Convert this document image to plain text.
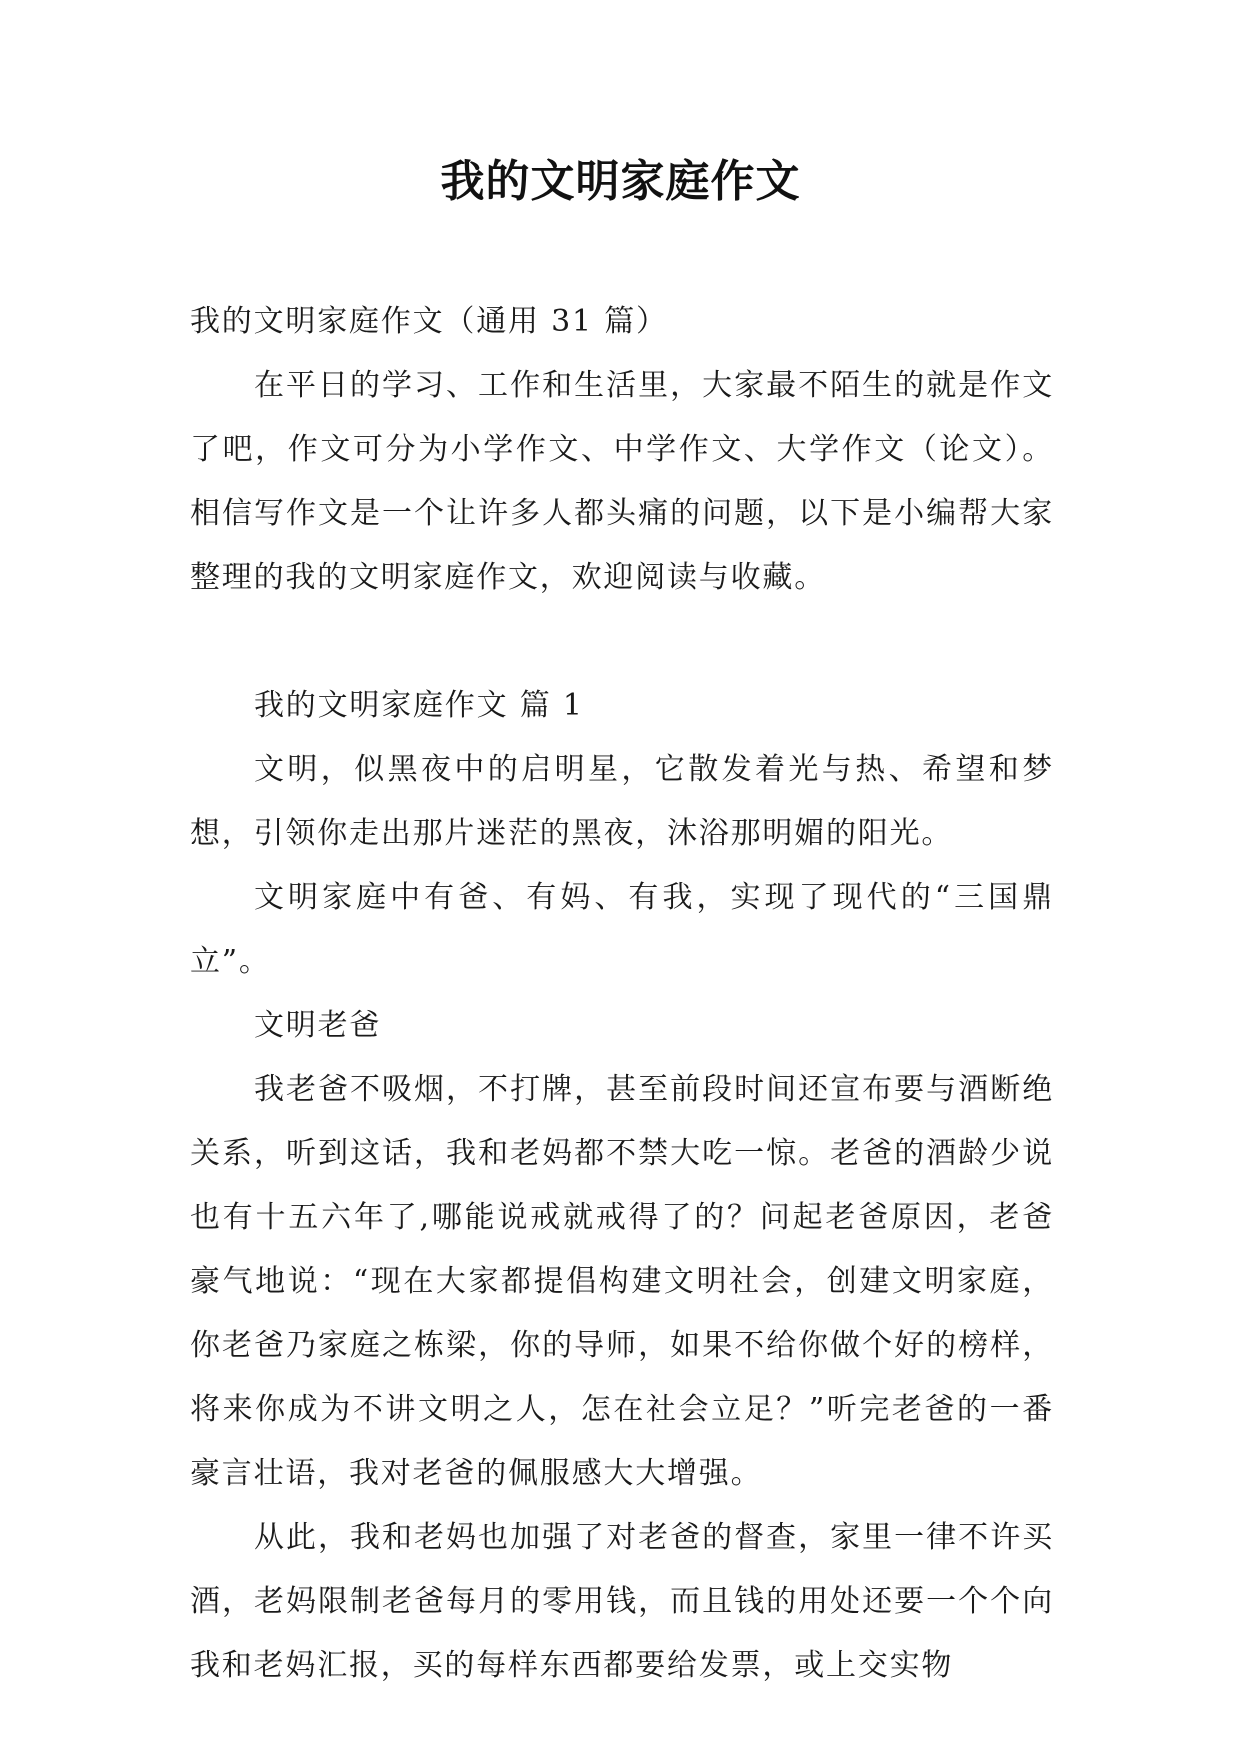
我的文明家庭作文

我的文明家庭作文（通用 31 篇）

在平日的学习、工作和生活里，大家最不陌生的就是作文了吧，作文可分为小学作文、中学作文、大学作文（论文）。相信写作文是一个让许多人都头痛的问题，以下是小编帮大家整理的我的文明家庭作文，欢迎阅读与收藏。

我的文明家庭作文 篇 1

文明，似黑夜中的启明星，它散发着光与热、希望和梦想，引领你走出那片迷茫的黑夜，沐浴那明媚的阳光。

文明家庭中有爸、有妈、有我，实现了现代的“三国鼎立”。

文明老爸

我老爸不吸烟，不打牌，甚至前段时间还宣布要与酒断绝关系，听到这话，我和老妈都不禁大吃一惊。老爸的酒龄少说也有十五六年了,哪能说戒就戒得了的？问起老爸原因，老爸豪气地说：“现在大家都提倡构建文明社会，创建文明家庭，你老爸乃家庭之栋梁，你的导师，如果不给你做个好的榜样，将来你成为不讲文明之人，怎在社会立足？”听完老爸的一番豪言壮语，我对老爸的佩服感大大增强。

从此，我和老妈也加强了对老爸的督查，家里一律不许买酒，老妈限制老爸每月的零用钱，而且钱的用处还要一个个向我和老妈汇报，买的每样东西都要给发票，或上交实物
